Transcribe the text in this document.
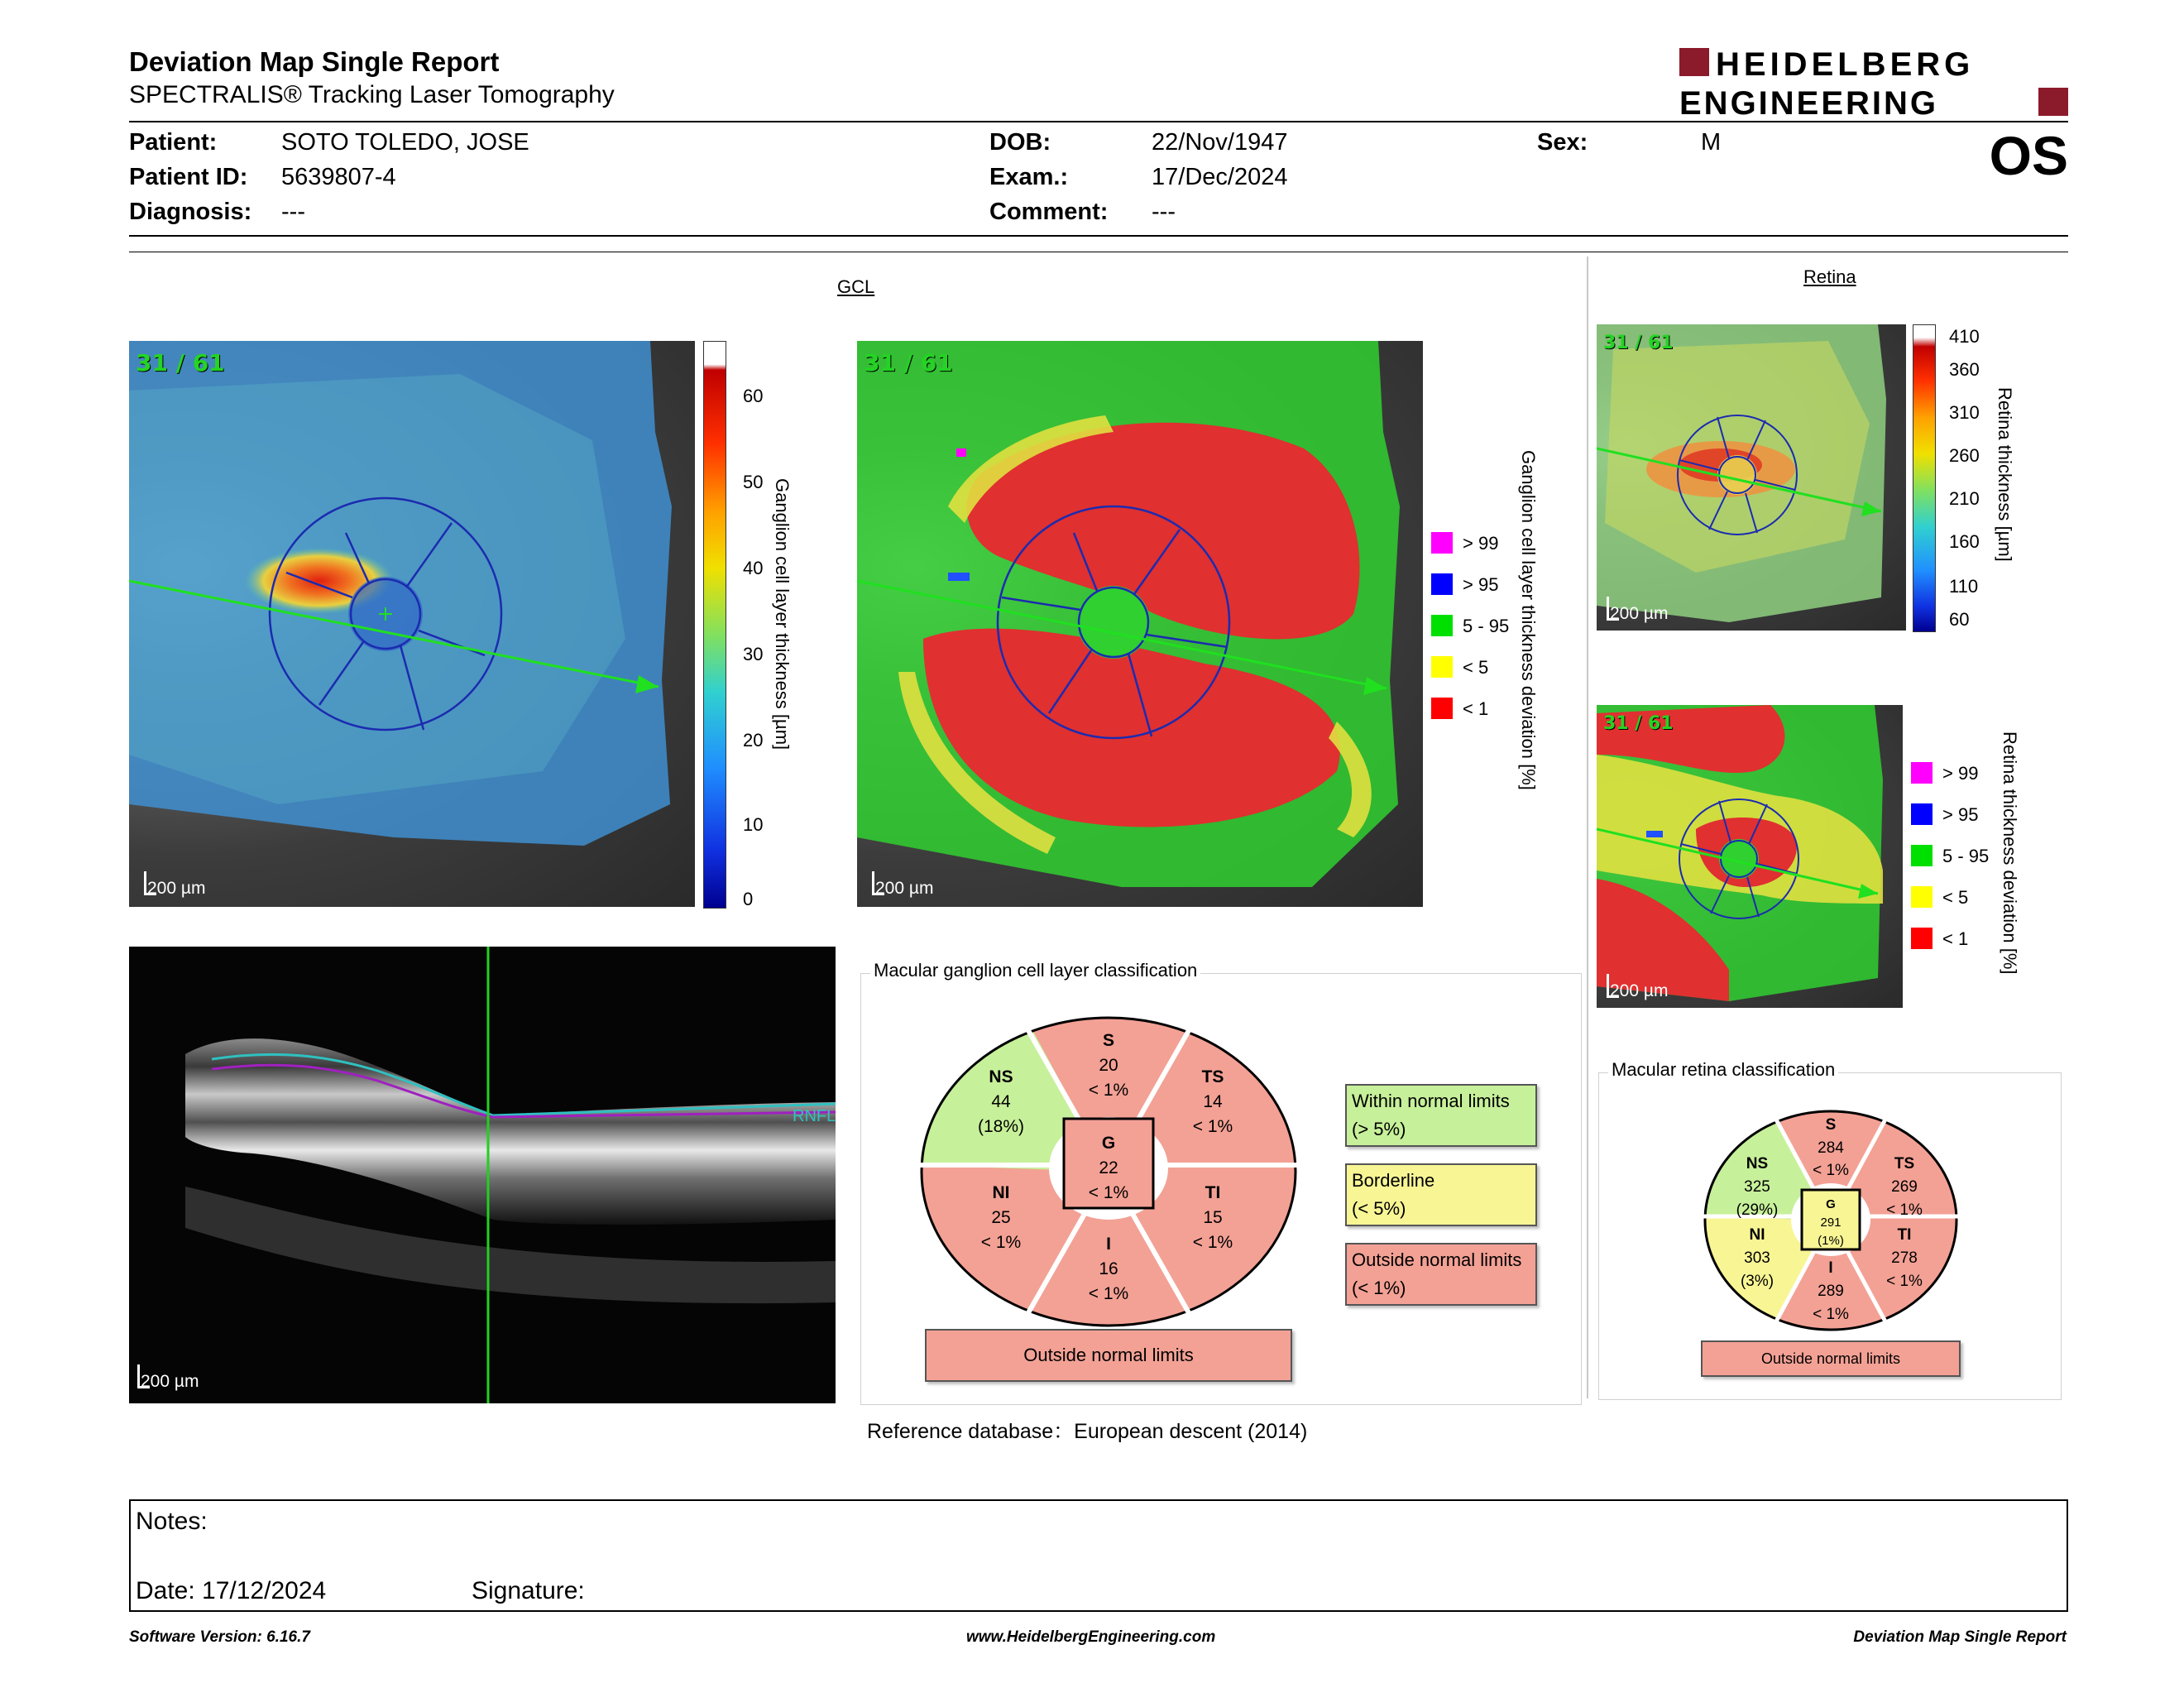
Deviation Map Single Report
SPECTRALIS® Tracking Laser Tomography
HEIDELBERG
ENGINEERING
Patient:	SOTO TOLEDO, JOSE
Patient ID: 5639807-4
Diagnosis: ---
DOB:	22/Nov/1947
Exam.:	17/Dec/2024
Comment: ---
Sex:	M	OS
GCL
31 / 61
200 µm
60
50
40
30
20
10
0
Ganglion cell layer thickness [µm]
31 / 61
200 µm
> 99
> 95
5 - 95
< 5
< 1 Ganglion cell layer thickness deviation [%]
RNFL
200 µm
Macular ganglion cell layer classification
S
20
< 1%
NS
44
(18%)
TS
14
< 1%
G
22
< 1%
NI
25
< 1%
TI
15
< 1%
I
16
< 1%
Within normal limits
(> 5%)
Borderline
(< 5%)
Outside normal limits
(< 1%)
Outside normal limits
Reference database：European descent (2014)
Retina
31 / 61
200 µm
410
360
310
260
210
160
110
60
Retina thickness [µm]
31 / 61
200 µm
> 99
> 95
5 - 95
< 5
< 1 Retina thickness deviation [%]
Macular retina classification
S
284
< 1%
NS
325
(29%)
TS
269
< 1%
G
291
(1%)
NI
303
(3%)
TI
278
< 1%
I
289
< 1%
Outside normal limits
Notes:
Date: 17/12/2024	Signature:
Software Version: 6.16.7	www.HeidelbergEngineering.com	Deviation Map Single Report
